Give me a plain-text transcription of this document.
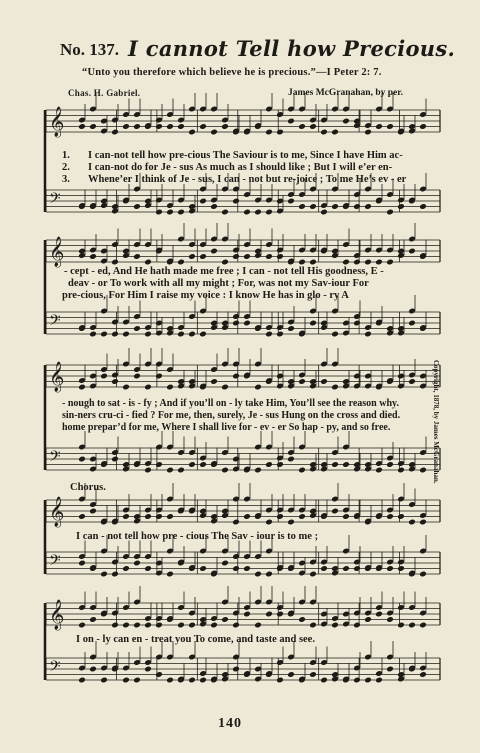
No. 137. I cannot Tell how Precious.
“Unto you therefore which believe he is precious.”—I Peter 2: 7.
Chas. H. Gabriel.	James McGranahan, by per.
𝄞
𝄢
𝄞
𝄢
𝄞
𝄢
𝄞
𝄢
𝄞
𝄢
1. I can-not tell how pre-cious The Saviour is to me, Since I have Him ac-
2. I can-not do for Je - sus As much as I should like ; But I will e’er en-
3. Whene’er I think of Je - sus, I can - not but re-joice ; To me He’s ev - er
- cept - ed, And He hath made me free ; I can - not tell His goodness, E -
deav - or To work with all my might ; For, was not my Sav-iour For
pre-cious, For Him I raise my voice : I know He has in glo - ry A
- nough to sat - is - fy ; And if you’ll on - ly take Him, You’ll see the reason why.
sin-ners cru-ci - fied ? For me, then, surely, Je - sus Hung on the cross and died.
home prepar’d for me, Where I shall live for - ev - er So hap - py, and so free.
Chorus.
I can - not tell how pre - cious The Sav - iour is to me ;
I on - ly can en - treat you To come, and taste and see.
Copyright, 1878, by James McGranahan.
140
